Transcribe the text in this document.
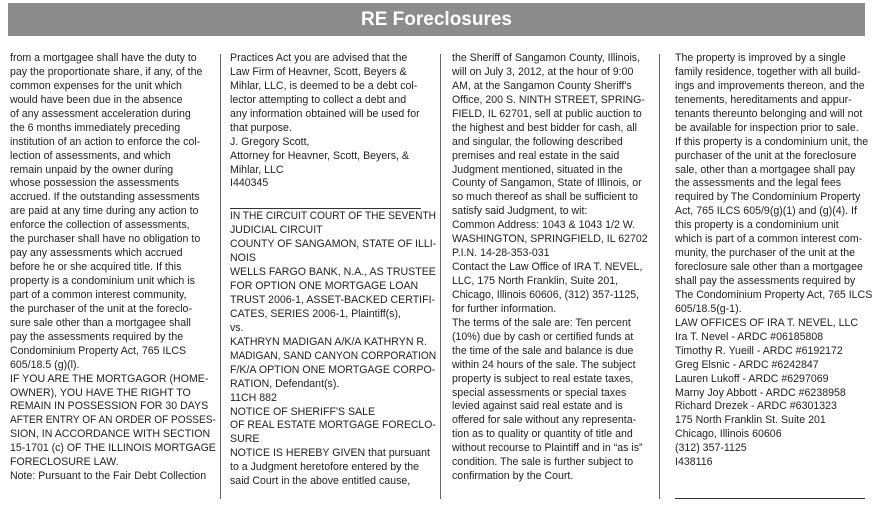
RE Foreclosures
from a mortgagee shall have the duty to
pay the proportionate share, if any, of the
common expenses for the unit which
would have been due in the absence
of any assessment acceleration during
the 6 months immediately preceding
institution of an action to enforce the col-
lection of assessments, and which
remain unpaid by the owner during
whose possession the assessments
accrued. If the outstanding assessments
are paid at any time during any action to
enforce the collection of assessments,
the purchaser shall have no obligation to
pay any assessments which accrued
before he or she acquired title. If this
property is a condominium unit which is
part of a common interest community,
the purchaser of the unit at the foreclo-
sure sale other than a mortgagee shall
pay the assessments required by the
Condominium Property Act, 765 ILCS
605/18.5 (g)(l).
IF YOU ARE THE MORTGAGOR (HOME-
OWNER), YOU HAVE THE RIGHT TO
REMAIN IN POSSESSION FOR 30 DAYS
AFTER ENTRY OF AN ORDER OF POSSES-
SION, IN ACCORDANCE WITH SECTION
15-1701 (c) OF THE ILLINOIS MORTGAGE
FORECLOSURE LAW.
Note: Pursuant to the Fair Debt Collection
Practices Act you are advised that the
Law Firm of Heavner, Scott, Beyers &
Mihlar, LLC, is deemed to be a debt col-
lector attempting to collect a debt and
any information obtained will be used for
that purpose.
J. Gregory Scott,
Attorney for Heavner, Scott, Beyers, &
Mihlar, LLC
I440345
IN THE CIRCUIT COURT OF THE SEVENTH
JUDICIAL CIRCUIT
COUNTY OF SANGAMON, STATE OF ILLI-
NOIS
WELLS FARGO BANK, N.A., AS TRUSTEE
FOR OPTION ONE MORTGAGE LOAN
TRUST 2006-1, ASSET-BACKED CERTIFI-
CATES, SERIES 2006-1, Plaintiff(s),
vs.
KATHRYN MADIGAN A/K/A KATHRYN R.
MADIGAN, SAND CANYON CORPORATION
F/K/A OPTION ONE MORTGAGE CORPO-
RATION, Defendant(s).
11CH 882
NOTICE OF SHERIFF'S SALE
OF REAL ESTATE MORTGAGE FORECLO-
SURE
NOTICE IS HEREBY GIVEN that pursuant
to a Judgment heretofore entered by the
said Court in the above entitled cause,
the Sheriff of Sangamon County, Illinois,
will on July 3, 2012, at the hour of 9:00
AM, at the Sangamon County Sheriff's
Office, 200 S. NINTH STREET, SPRING-
FIELD, IL 62701, sell at public auction to
the highest and best bidder for cash, all
and singular, the following described
premises and real estate in the said
Judgment mentioned, situated in the
County of Sangamon, State of Illinois, or
so much thereof as shall be sufficient to
satisfy said Judgment, to wit:
Common Address: 1043 & 1043 1/2 W.
WASHINGTON, SPRINGFIELD, IL 62702
P.I.N. 14-28-353-031
Contact the Law Office of IRA T. NEVEL,
LLC, 175 North Franklin, Suite 201,
Chicago, Illinois 60606, (312) 357-1125,
for further information.
The terms of the sale are: Ten percent
(10%) due by cash or certified funds at
the time of the sale and balance is due
within 24 hours of the sale. The subject
property is subject to real estate taxes,
special assessments or special taxes
levied against said real estate and is
offered for sale without any representa-
tion as to quality or quantity of title and
without recourse to Plaintiff and in “as is”
condition. The sale is further subject to
confirmation by the Court.
The property is improved by a single
family residence, together with all build-
ings and improvements thereon, and the
tenements, hereditaments and appur-
tenants thereunto belonging and will not
be available for inspection prior to sale.
If this property is a condominium unit, the
purchaser of the unit at the foreclosure
sale, other than a mortgagee shall pay
the assessments and the legal fees
required by The Condominium Property
Act, 765 ILCS 605/9(g)(1) and (g)(4). If
this property is a condominium unit
which is part of a common interest com-
munity, the purchaser of the unit at the
foreclosure sale other than a mortgagee
shall pay the assessments required by
The Condominium Property Act, 765 ILCS
605/18.5(g-1).
LAW OFFICES OF IRA T. NEVEL, LLC
Ira T. Nevel - ARDC #06185808
Timothy R. Yueill - ARDC #6192172
Greg Elsnic - ARDC #6242847
Lauren Lukoff - ARDC #6297069
Marny Joy Abbott - ARDC #6238958
Richard Drezek - ARDC #6301323
175 North Franklin St. Suite 201
Chicago, Illinois 60606
(312) 357-1125
I438116
